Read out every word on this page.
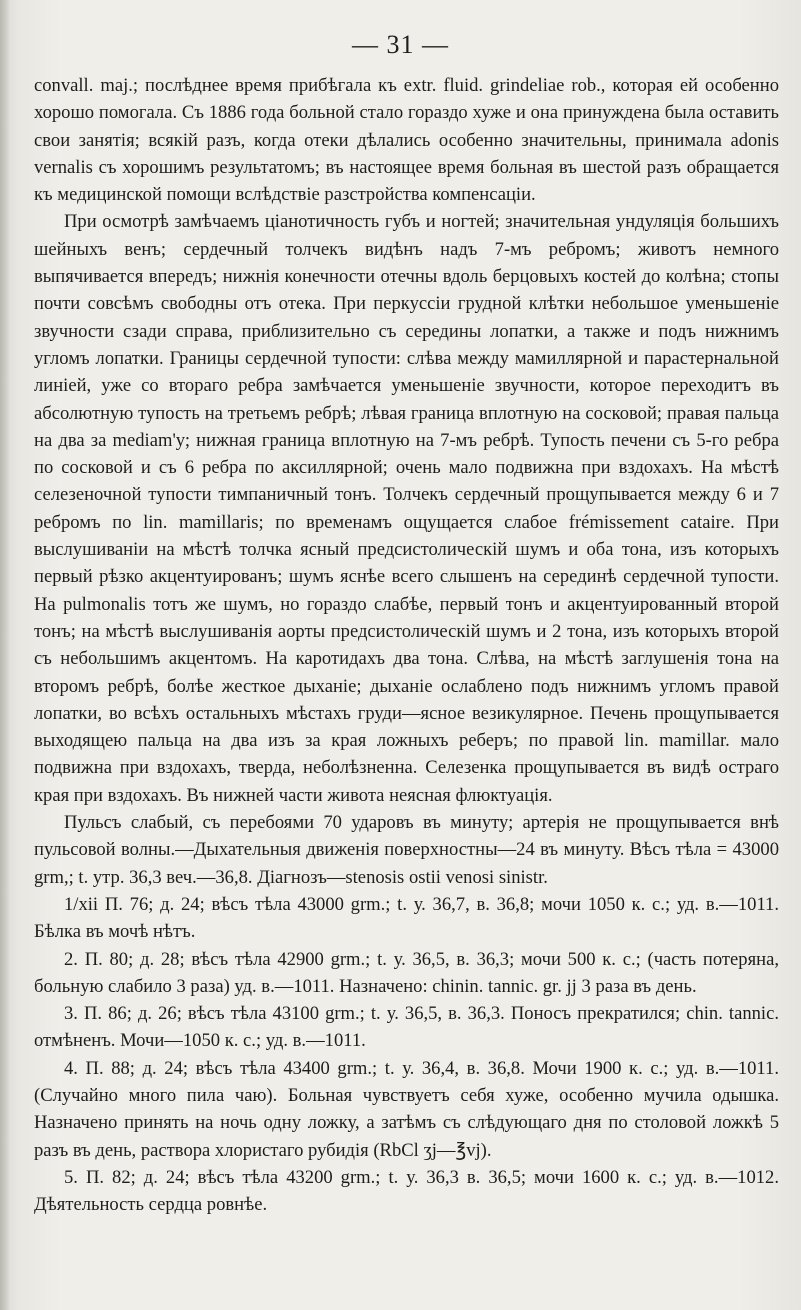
— 31 —

convall. maj.; послѣднее время прибѣгала къ extr. fluid. grindeliae rob., которая ей особенно хорошо помогала. Съ 1886 года больной стало гораздо хуже и она принуждена была оставить свои занятія; всякій разъ, когда отеки дѣлались особенно значительны, принимала adonis vernalis съ хорошимъ результатомъ; въ настоящее время больная въ шестой разъ обращается къ медицинской помощи вслѣдствіе разстройства компенсаціи.

При осмотрѣ замѣчаемъ ціанотичность губъ и ногтей; значительная ундуляція большихъ шейныхъ венъ; сердечный толчекъ видѣнъ надъ 7-мъ ребромъ; животъ немного выпячивается впередъ; нижнія конечности отечны вдоль берцовыхъ костей до колѣна; стопы почти совсѣмъ свободны отъ отека. При перкуссіи грудной клѣтки небольшое уменьшеніе звучности сзади справа, приблизительно съ середины лопатки, а также и подъ нижнимъ угломъ лопатки. Границы сердечной тупости: слѣва между мамиллярной и парастернальной линіей, уже со втораго ребра замѣчается уменьшеніе звучности, которое переходитъ въ абсолютную тупость на третьемъ ребрѣ; лѣвая граница вплотную на сосковой; правая пальца на два за mediam'у; нижная граница вплотную на 7-мъ ребрѣ. Тупость печени съ 5-го ребра по сосковой и съ 6 ребра по аксиллярной; очень мало подвижна при вздохахъ. На мѣстѣ селезеночной тупости тимпаничный тонъ. Толчекъ сердечный прощупывается между 6 и 7 ребромъ по lin. mamillaris; по временамъ ощущается слабое frémissement cataire. При выслушиваніи на мѣстѣ толчка ясный предсистолическій шумъ и оба тона, изъ которыхъ первый рѣзко акцентуированъ; шумъ яснѣе всего слышенъ на серединѣ сердечной тупости. На pulmonalis тотъ же шумъ, но гораздо слабѣе, первый тонъ и акцентуированный второй тонъ; на мѣстѣ выслушиванія аорты предсистолическій шумъ и 2 тона, изъ которыхъ второй съ небольшимъ акцентомъ. На каротидахъ два тона. Слѣва, на мѣстѣ заглушенія тона на второмъ ребрѣ, болѣе жесткое дыханіе; дыханіе ослаблено подъ нижнимъ угломъ правой лопатки, во всѣхъ остальныхъ мѣстахъ груди—ясное везикулярное. Печень прощупывается выходящею пальца на два изъ за края ложныхъ реберъ; по правой lin. mamillar. мало подвижна при вздохахъ, тверда, неболѣзненна. Селезенка прощупывается въ видѣ остраго края при вздохахъ. Въ нижней части живота неясная флюктуація.

Пульсъ слабый, съ перебоями 70 ударовъ въ минуту; артерія не прощупывается внѣ пульсовой волны.—Дыхательныя движенія поверхностны—24 въ минуту. Вѣсъ тѣла = 43000 grm,; t. утр. 36,3 веч.—36,8. Діагнозъ—stenosis ostii venosi sinistr.

1/xii П. 76; д. 24; вѣсъ тѣла 43000 grm.; t. у. 36,7, в. 36,8; мочи 1050 к. с.; уд. в.—1011. Бѣлка въ мочѣ нѣтъ.

2. П. 80; д. 28; вѣсъ тѣла 42900 grm.; t. у. 36,5, в. 36,3; мочи 500 к. с.; (часть потеряна, больную слабило 3 раза) уд. в.—1011. Назначено: chinin. tannic. gr. jj 3 раза въ день.

3. П. 86; д. 26; вѣсъ тѣла 43100 grm.; t. у. 36,5, в. 36,3. Поносъ прекратился; chin. tannic. отмѣненъ. Мочи—1050 к. с.; уд. в.—1011.

4. П. 88; д. 24; вѣсъ тѣла 43400 grm.; t. у. 36,4, в. 36,8. Мочи 1900 к. с.; уд. в.—1011. (Случайно много пила чаю). Больная чувствуетъ себя хуже, особенно мучила одышка. Назначено принять на ночь одну ложку, а затѣмъ съ слѣдующаго дня по столовой ложкѣ 5 разъ въ день, раствора хлористаго рубидія (RbCl ʒj—℥vj).

5. П. 82; д. 24; вѣсъ тѣла 43200 grm.; t. у. 36,3 в. 36,5; мочи 1600 к. с.; уд. в.—1012. Дѣятельность сердца ровнѣе.
